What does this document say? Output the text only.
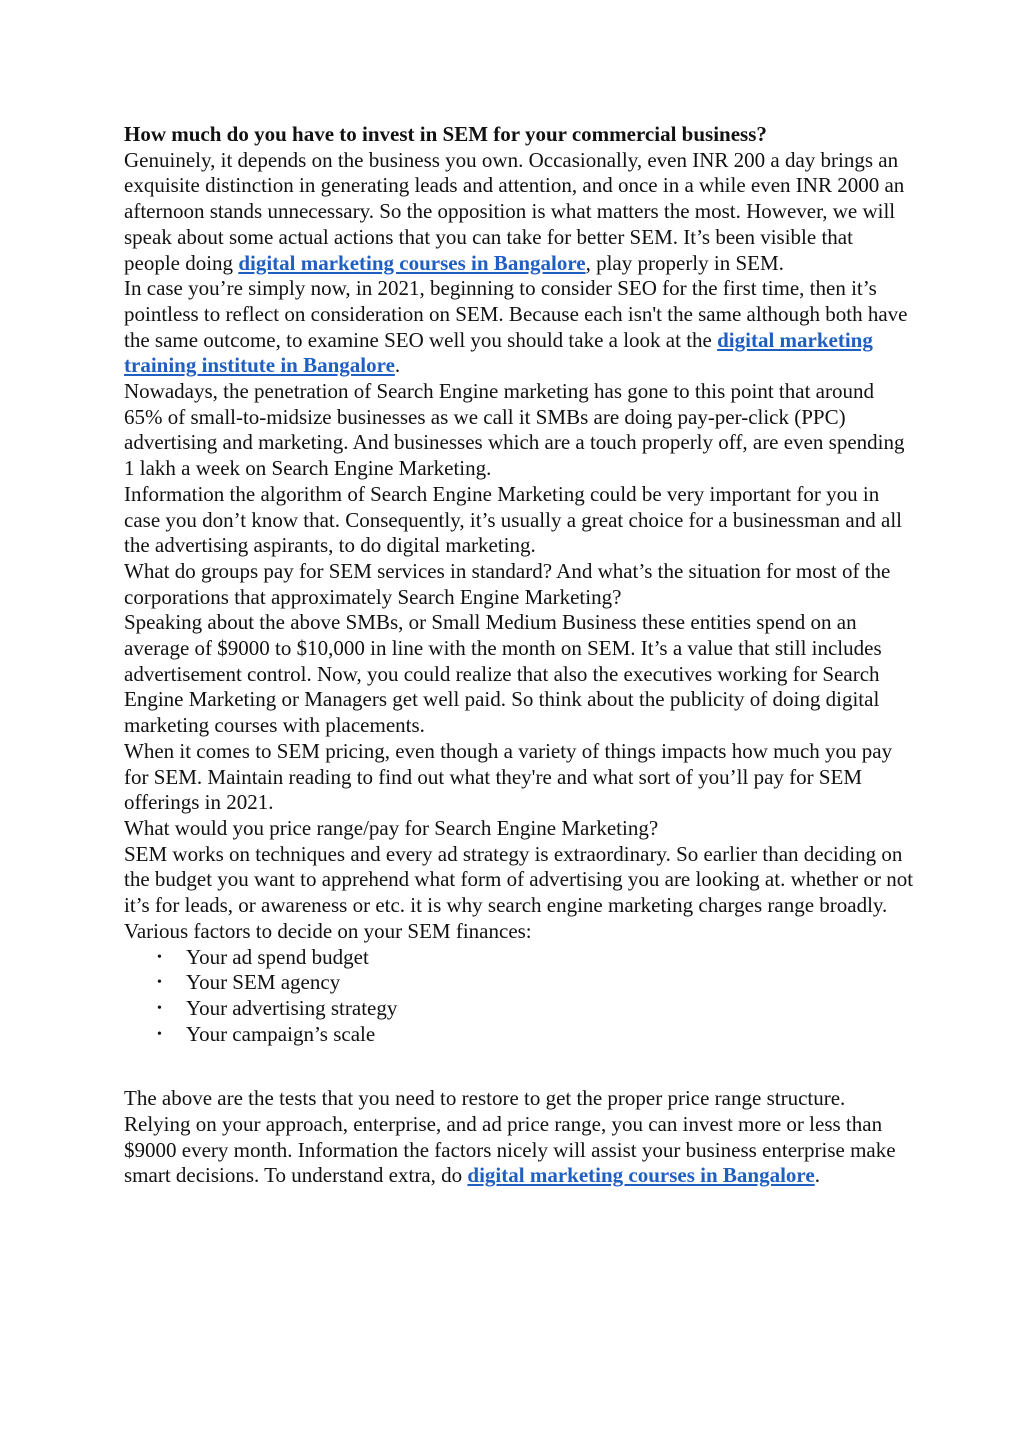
How much do you have to invest in SEM for your commercial business?

Genuinely, it depends on the business you own. Occasionally, even INR 200 a day brings an exquisite distinction in generating leads and attention, and once in a while even INR 2000 an afternoon stands unnecessary. So the opposition is what matters the most. However, we will speak about some actual actions that you can take for better SEM. It’s been visible that people doing digital marketing courses in Bangalore, play properly in SEM.

In case you’re simply now, in 2021, beginning to consider SEO for the first time, then it’s pointless to reflect on consideration on SEM. Because each isn't the same although both have the same outcome, to examine SEO well you should take a look at the digital marketing training institute in Bangalore.

Nowadays, the penetration of Search Engine marketing has gone to this point that around 65% of small-to-midsize businesses as we call it SMBs are doing pay-per-click (PPC) advertising and marketing. And businesses which are a touch properly off, are even spending 1 lakh a week on Search Engine Marketing.

Information the algorithm of Search Engine Marketing could be very important for you in case you don’t know that. Consequently, it’s usually a great choice for a businessman and all the advertising aspirants, to do digital marketing.

What do groups pay for SEM services in standard? And what’s the situation for most of the corporations that approximately Search Engine Marketing?

Speaking about the above SMBs, or Small Medium Business these entities spend on an average of $9000 to $10,000 in line with the month on SEM. It’s a value that still includes advertisement control. Now, you could realize that also the executives working for Search Engine Marketing or Managers get well paid. So think about the publicity of doing digital marketing courses with placements.

When it comes to SEM pricing, even though a variety of things impacts how much you pay for SEM. Maintain reading to find out what they're and what sort of you’ll pay for SEM offerings in 2021.

What would you price range/pay for Search Engine Marketing?

SEM works on techniques and every ad strategy is extraordinary. So earlier than deciding on the budget you want to apprehend what form of advertising you are looking at. whether or not it’s for leads, or awareness or etc. it is why search engine marketing charges range broadly.

Various factors to decide on your SEM finances:

• Your ad spend budget
• Your SEM agency
• Your advertising strategy
• Your campaign’s scale

The above are the tests that you need to restore to get the proper price range structure. Relying on your approach, enterprise, and ad price range, you can invest more or less than $9000 every month. Information the factors nicely will assist your business enterprise make smart decisions. To understand extra, do digital marketing courses in Bangalore.
